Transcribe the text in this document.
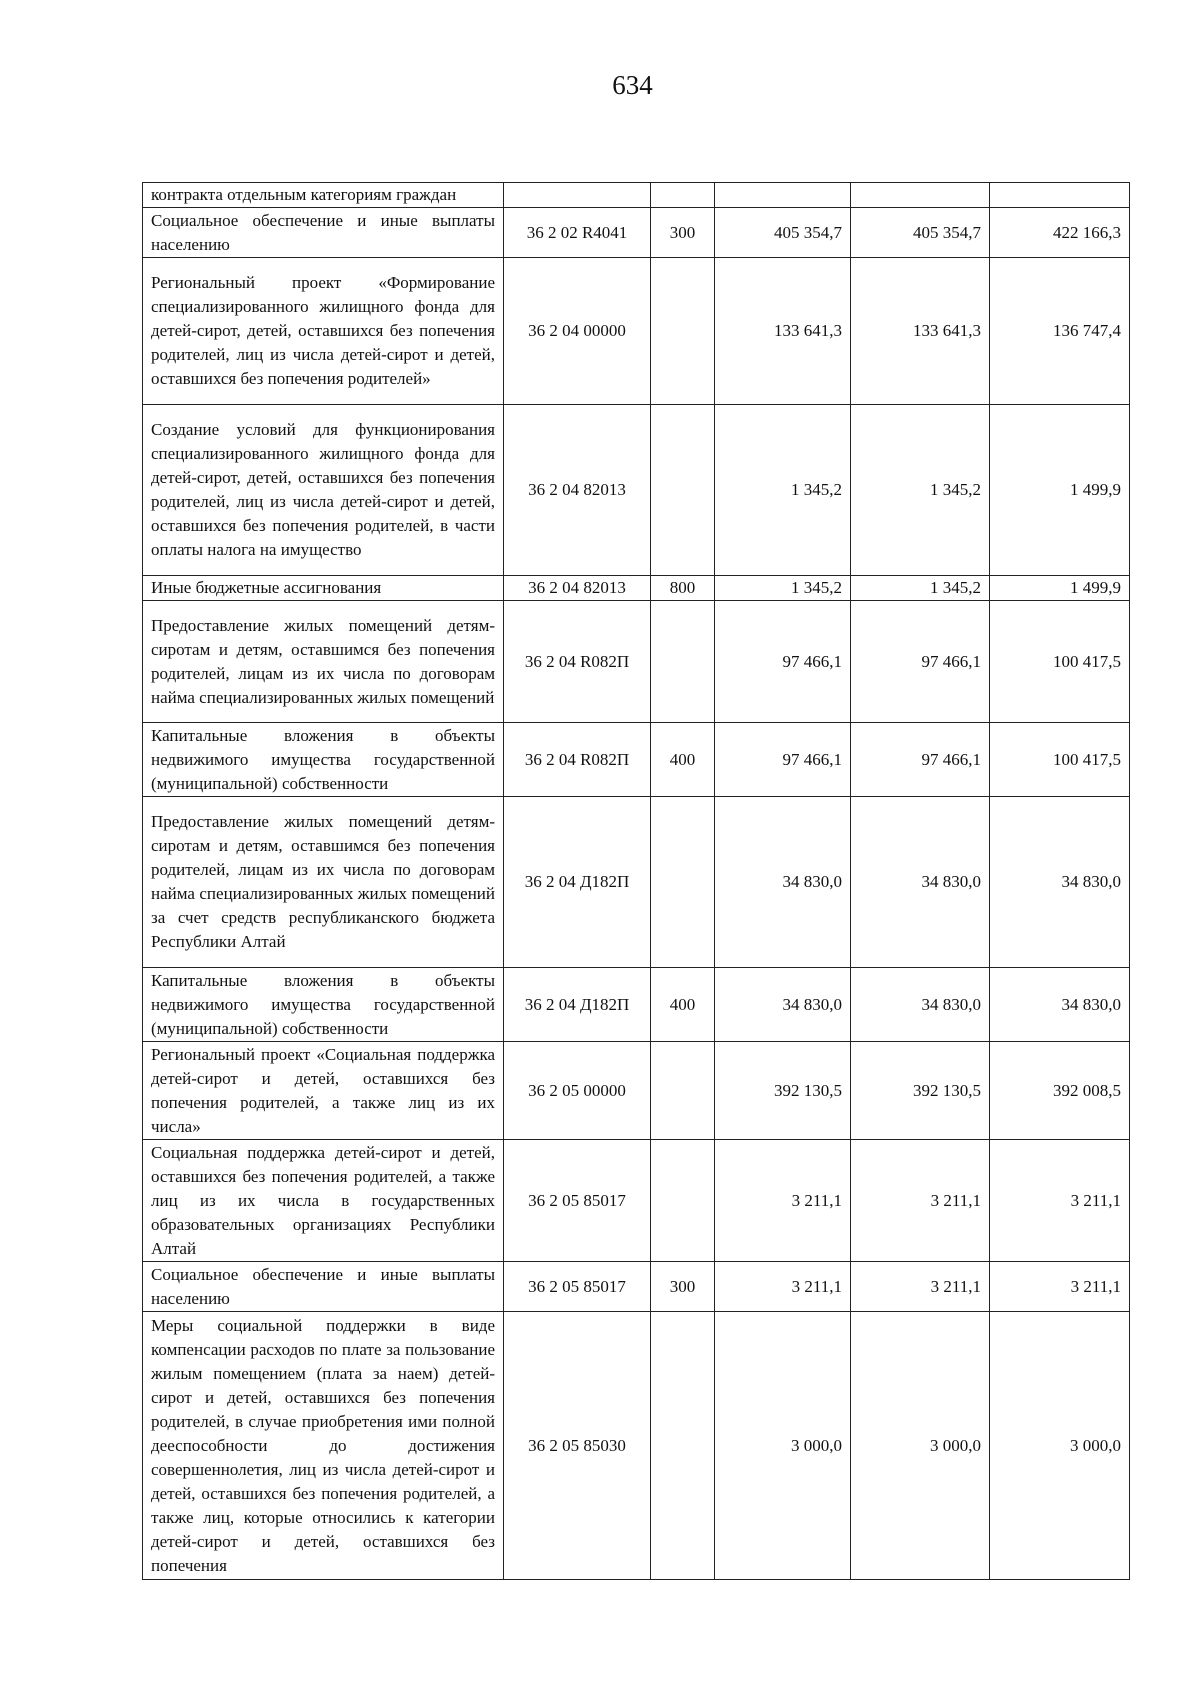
634
контракта отдельным категориям граждан					
Социальное обеспечение и иные выплаты населению	36 2 02 R4041	300	405 354,7	405 354,7	422 166,3
Региональный проект «Формирование специализированного жилищного фонда для детей-сирот, детей, оставшихся без попечения родителей, лиц из числа детей-сирот и детей, оставшихся без попечения родителей»	36 2 04 00000		133 641,3	133 641,3	136 747,4
Создание условий для функционирования специализированного жилищного фонда для детей-сирот, детей, оставшихся без попечения родителей, лиц из числа детей-сирот и детей, оставшихся без попечения родителей, в части оплаты налога на имущество	36 2 04 82013		1 345,2	1 345,2	1 499,9
Иные бюджетные ассигнования	36 2 04 82013	800	1 345,2	1 345,2	1 499,9
Предоставление жилых помещений детям-сиротам и детям, оставшимся без попечения родителей, лицам из их числа по договорам найма специализированных жилых помещений	36 2 04 R082П		97 466,1	97 466,1	100 417,5
Капитальные вложения в объекты недвижимого имущества государственной (муниципальной) собственности	36 2 04 R082П	400	97 466,1	97 466,1	100 417,5
Предоставление жилых помещений детям-сиротам и детям, оставшимся без попечения родителей, лицам из их числа по договорам найма специализированных жилых помещений за счет средств республиканского бюджета Республики Алтай	36 2 04 Д182П		34 830,0	34 830,0	34 830,0
Капитальные вложения в объекты недвижимого имущества государственной (муниципальной) собственности	36 2 04 Д182П	400	34 830,0	34 830,0	34 830,0
Региональный проект «Социальная поддержка детей-сирот и детей, оставшихся без попечения родителей, а также лиц из их числа»	36 2 05 00000		392 130,5	392 130,5	392 008,5
Социальная поддержка детей-сирот и детей, оставшихся без попечения родителей, а также лиц из их числа в государственных образовательных организациях Республики Алтай	36 2 05 85017		3 211,1	3 211,1	3 211,1
Социальное обеспечение и иные выплаты населению	36 2 05 85017	300	3 211,1	3 211,1	3 211,1
Меры социальной поддержки в виде компенсации расходов по плате за пользование жилым помещением (плата за наем) детей-сирот и детей, оставшихся без попечения родителей, в случае приобретения ими полной дееспособности до достижения совершеннолетия, лиц из числа детей-сирот и детей, оставшихся без попечения родителей, а также лиц, которые относились к категории детей-сирот и детей, оставшихся без попечения	36 2 05 85030		3 000,0	3 000,0	3 000,0
